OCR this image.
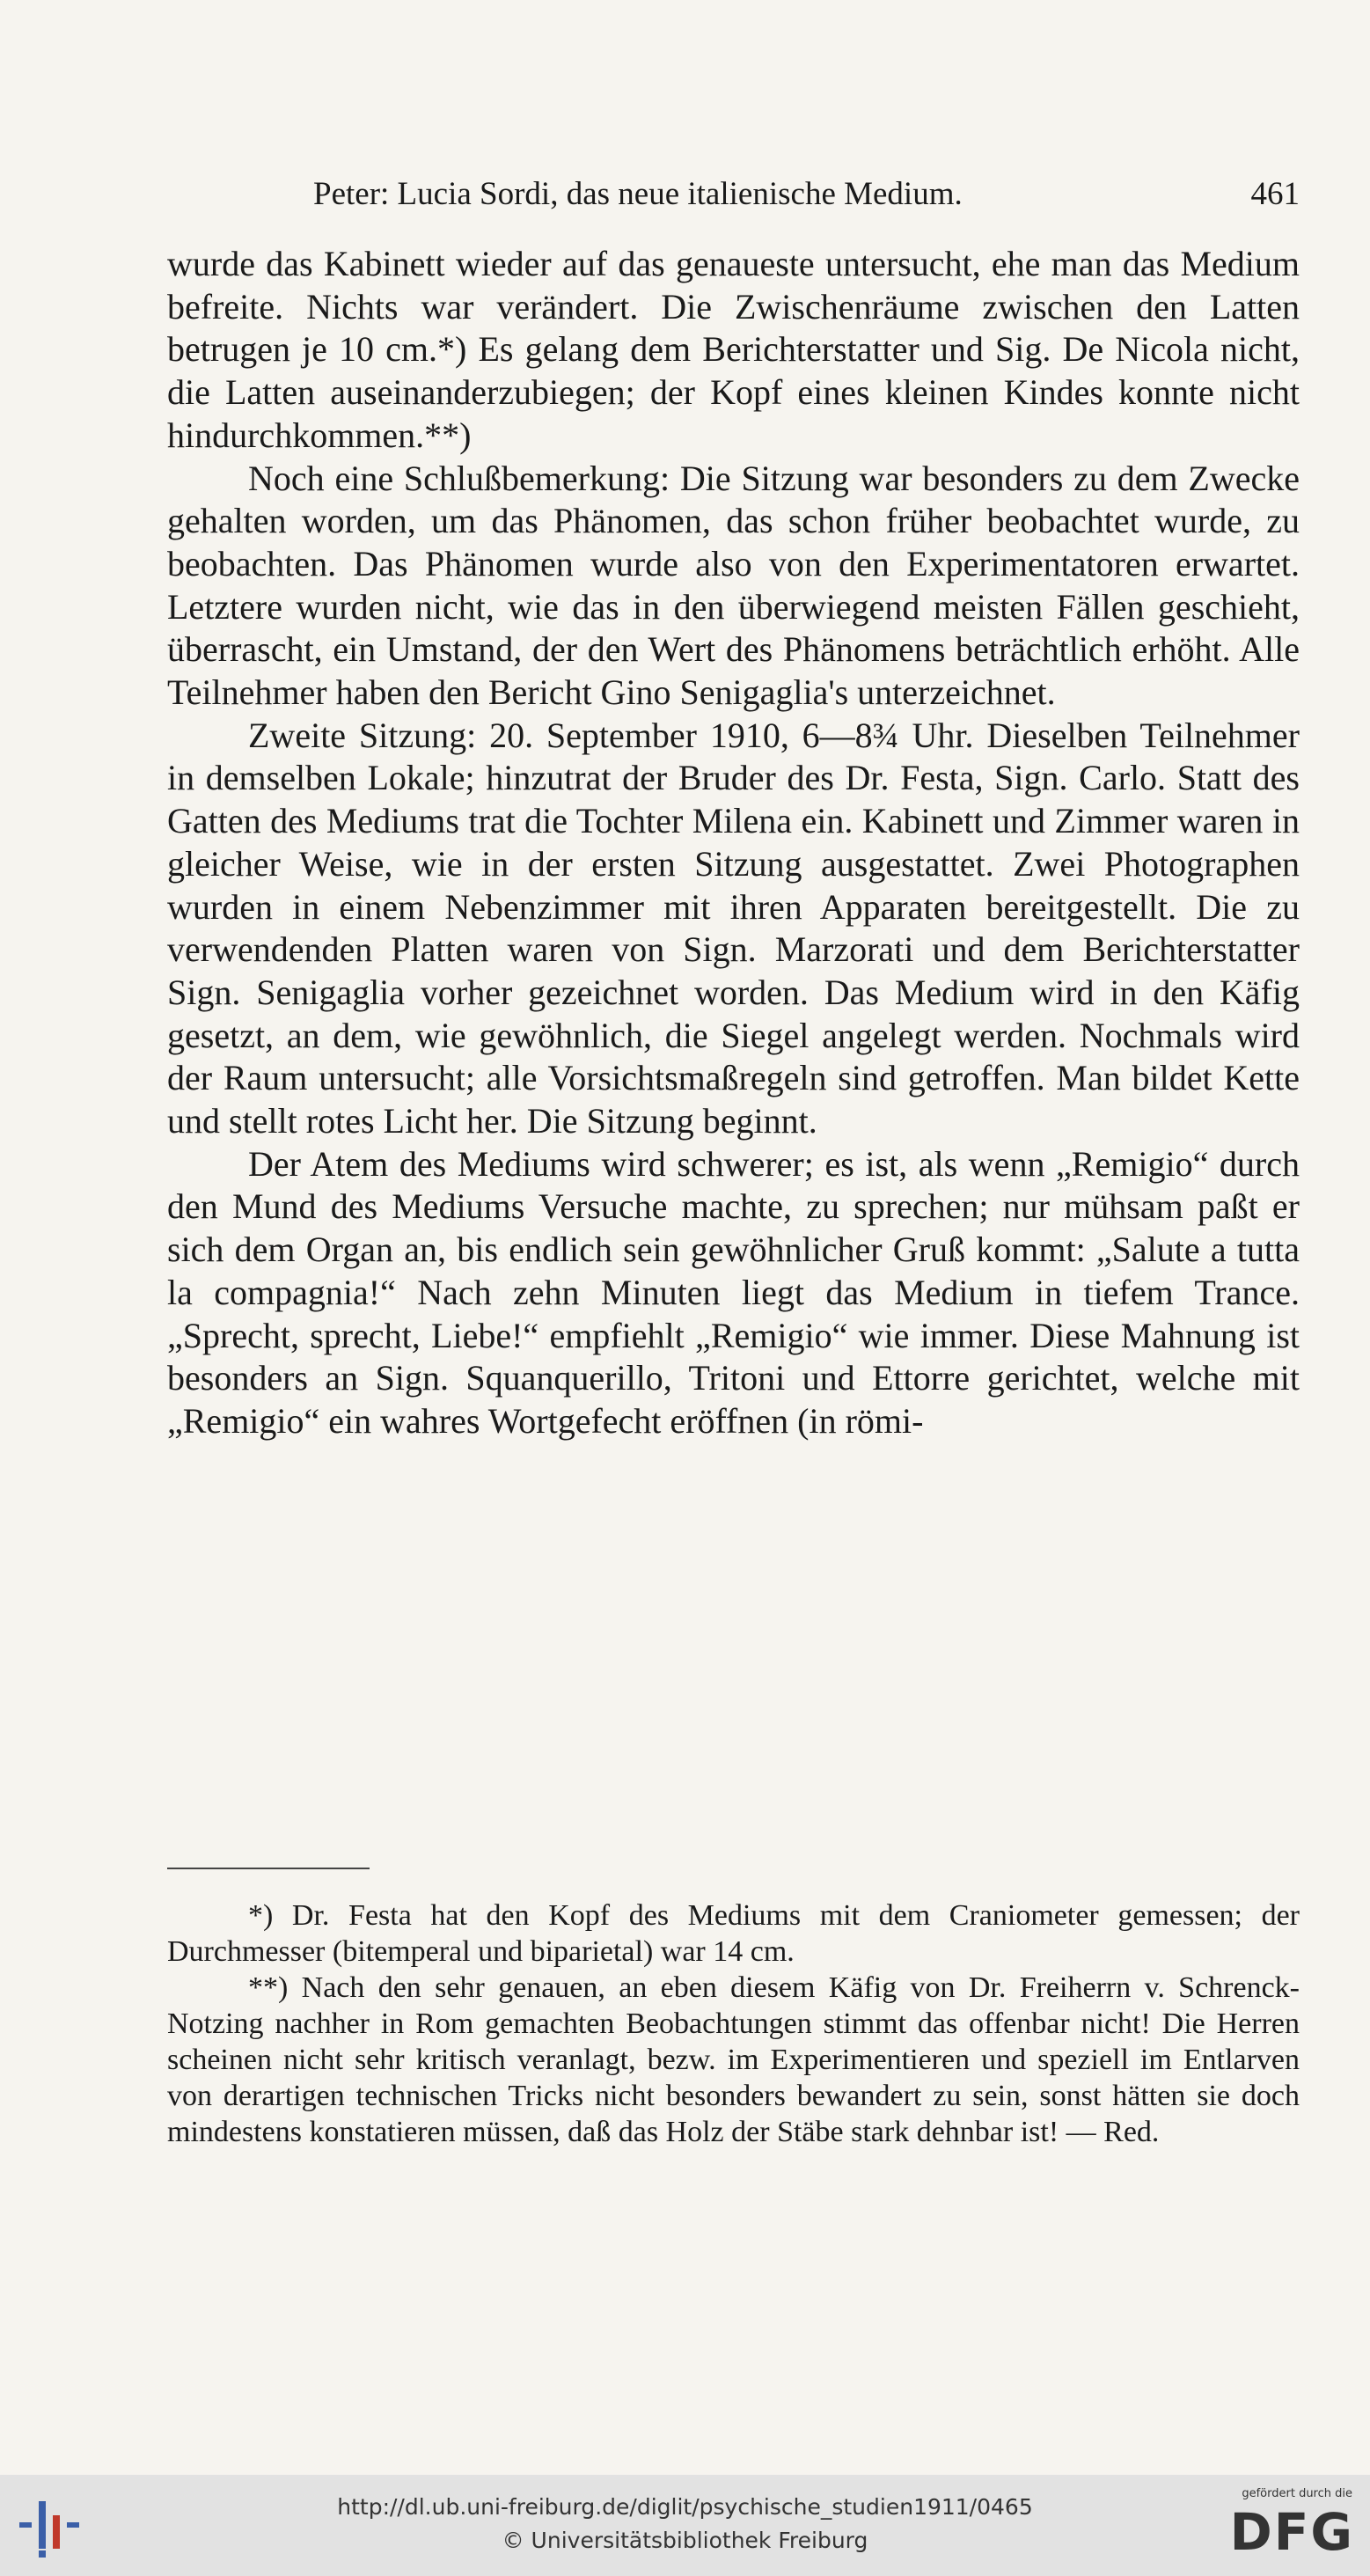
Peter: Lucia Sordi, das neue italienische Medium.	461

wurde das Kabinett wieder auf das genaueste untersucht, ehe man das Medium befreite. Nichts war verändert. Die Zwischenräume zwischen den Latten betrugen je 10 cm.*) Es gelang dem Berichterstatter und Sig. De Nicola nicht, die Latten auseinanderzubiegen; der Kopf eines kleinen Kindes konnte nicht hindurchkommen.**)

Noch eine Schlußbemerkung: Die Sitzung war besonders zu dem Zwecke gehalten worden, um das Phänomen, das schon früher beobachtet wurde, zu beobachten. Das Phänomen wurde also von den Experimentatoren erwartet. Letztere wurden nicht, wie das in den überwiegend meisten Fällen geschieht, überrascht, ein Umstand, der den Wert des Phänomens beträchtlich erhöht. Alle Teilnehmer haben den Bericht Gino Senigaglia's unterzeichnet.

Zweite Sitzung: 20. September 1910, 6—8¾ Uhr. Dieselben Teilnehmer in demselben Lokale; hinzutrat der Bruder des Dr. Festa, Sign. Carlo. Statt des Gatten des Mediums trat die Tochter Milena ein. Kabinett und Zimmer waren in gleicher Weise, wie in der ersten Sitzung ausgestattet. Zwei Photographen wurden in einem Nebenzimmer mit ihren Apparaten bereitgestellt. Die zu verwendenden Platten waren von Sign. Marzorati und dem Berichterstatter Sign. Senigaglia vorher gezeichnet worden. Das Medium wird in den Käfig gesetzt, an dem, wie gewöhnlich, die Siegel angelegt werden. Nochmals wird der Raum untersucht; alle Vorsichtsmaßregeln sind getroffen. Man bildet Kette und stellt rotes Licht her. Die Sitzung beginnt.

Der Atem des Mediums wird schwerer; es ist, als wenn „Remigio“ durch den Mund des Mediums Versuche machte, zu sprechen; nur mühsam paßt er sich dem Organ an, bis endlich sein gewöhnlicher Gruß kommt: „Salute a tutta la compagnia!“ Nach zehn Minuten liegt das Medium in tiefem Trance. „Sprecht, sprecht, Liebe!“ empfiehlt „Remigio“ wie immer. Diese Mahnung ist besonders an Sign. Squanquerillo, Tritoni und Ettorre gerichtet, welche mit „Remigio“ ein wahres Wortgefecht eröffnen (in römi-

*) Dr. Festa hat den Kopf des Mediums mit dem Craniometer gemessen; der Durchmesser (bitemperal und biparietal) war 14 cm.

**) Nach den sehr genauen, an eben diesem Käfig von Dr. Freiherrn v. Schrenck-Notzing nachher in Rom gemachten Beobachtungen stimmt das offenbar nicht! Die Herren scheinen nicht sehr kritisch veranlagt, bezw. im Experimentieren und speziell im Entlarven von derartigen technischen Tricks nicht besonders bewandert zu sein, sonst hätten sie doch mindestens konstatieren müssen, daß das Holz der Stäbe stark dehnbar ist! — Red.

http://dl.ub.uni-freiburg.de/diglit/psychische_studien1911/0465
© Universitätsbibliothek Freiburg
gefördert durch die
DFG
